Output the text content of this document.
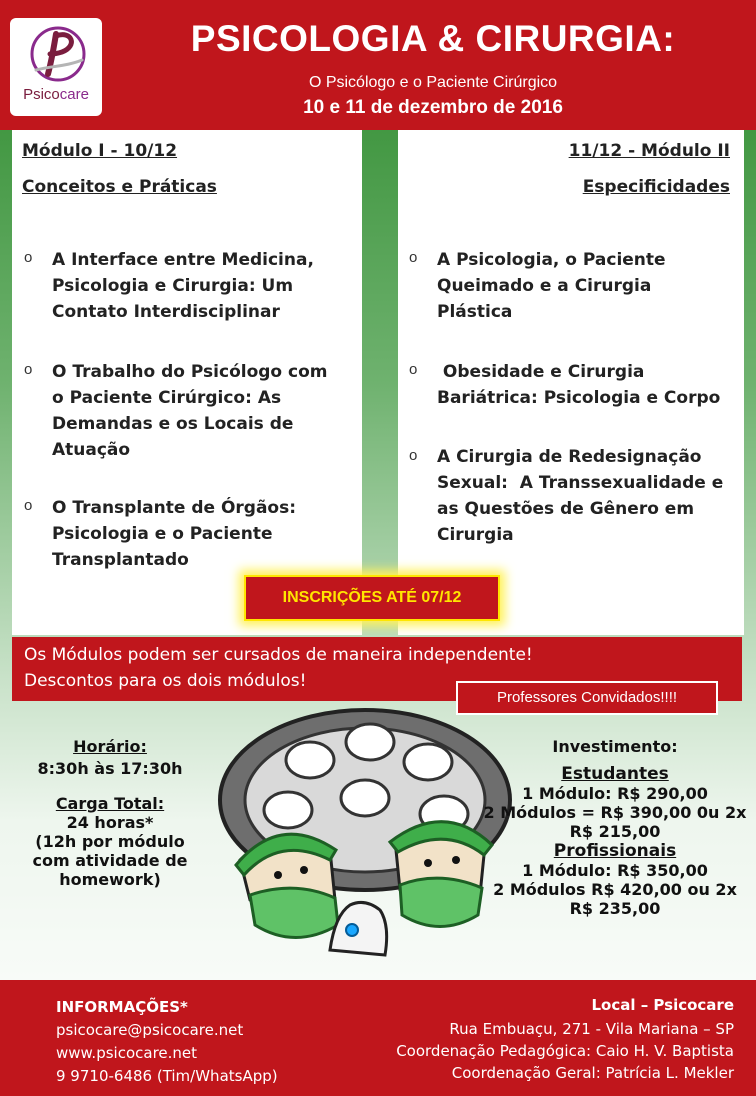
Psicocare
PSICOLOGIA & CIRURGIA:
O Psicólogo e o Paciente Cirúrgico
10 e 11 de dezembro de 2016
Módulo I - 10/12
Conceitos e Práticas
11/12 - Módulo II
Especificidades
o A Interface entre Medicina,
Psicologia e Cirurgia: Um
Contato Interdisciplinar
o O Trabalho do Psicólogo com
o Paciente Cirúrgico: As
Demandas e os Locais de
Atuação
o O Transplante de Órgãos:
Psicologia e o Paciente
Transplantado
o A Psicologia, o Paciente
Queimado e a Cirurgia
Plástica
o Obesidade e Cirurgia
Bariátrica: Psicologia e Corpo
o A Cirurgia de Redesignação
Sexual:  A Transsexualidade e
as Questões de Gênero em
Cirurgia
INSCRIÇÕES ATÉ 07/12
Os Módulos podem ser cursados de maneira independente!
Descontos para os dois módulos!
Professores Convidados!!!!
Horário:
8:30h às 17:30h
Carga Total:
24 horas*
(12h por módulo
com atividade de
homework)
Investimento:
Estudantes
1 Módulo: R$ 290,00
2 Módulos = R$ 390,00 0u 2x
R$ 215,00
Profissionais
1 Módulo: R$ 350,00
2 Módulos R$ 420,00 ou 2x
R$ 235,00
INFORMAÇÕES*
psicocare@psicocare.net
www.psicocare.net
9 9710-6486 (Tim/WhatsApp)
Local – Psicocare
Rua Embuaçu, 271 - Vila Mariana – SP
Coordenação Pedagógica: Caio H. V. Baptista
Coordenação Geral: Patrícia L. Mekler
